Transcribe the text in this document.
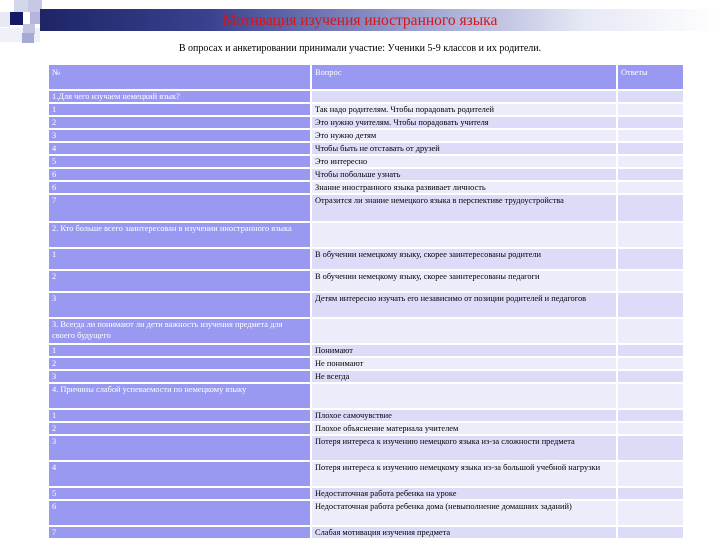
Мотивация изучения иностранного языка
В опросах и анкетировании принимали участие: Ученики 5-9 классов и их родители.
№	Вопрос	Ответы
1.Для чего изучаем немецкий язык?		
1	Так надо родителям. Чтобы порадовать родителей	
2	Это нужно учителям. Чтобы порадовать учителя	
3	Это нужно детям	
4	Чтобы быть не отставать от друзей	
5	Это интересно	
6	Чтобы побольше узнать	
6	Знание иностранного языка развивает личность	
7	Отразится ли знание немецкого языка в перспективе трудоустройства	
2. Кто больше всего заинтересован в изучении иностранного языка		
1	В обучении немецкому языку, скорее заинтересованы родители	
2	В обучении немецкому языку, скорее заинтересованы педагоги	
3	Детям интересно изучать его независимо от позиции родителей и педагогов	
3. Всегда ли понимают ли дети важность изучения предмета для своего будущего		
1	Понимают	
2	Не понимают	
3	Не всегда	
4. Причины слабой успеваемости по немецкому языку		
1	Плохое самочувствие	
2	Плохое объяснение материала учителем	
3	Потеря интереса к изучению немецкого языка из-за сложности предмета	
4	Потеря интереса к изучению немецкому языка из-за большой учебной нагрузки	
5	Недостаточная работа ребенка на уроке	
6	Недостаточная работа ребенка дома (невыполнение домашних заданий)	
7	Слабая мотивация изучения предмета	
